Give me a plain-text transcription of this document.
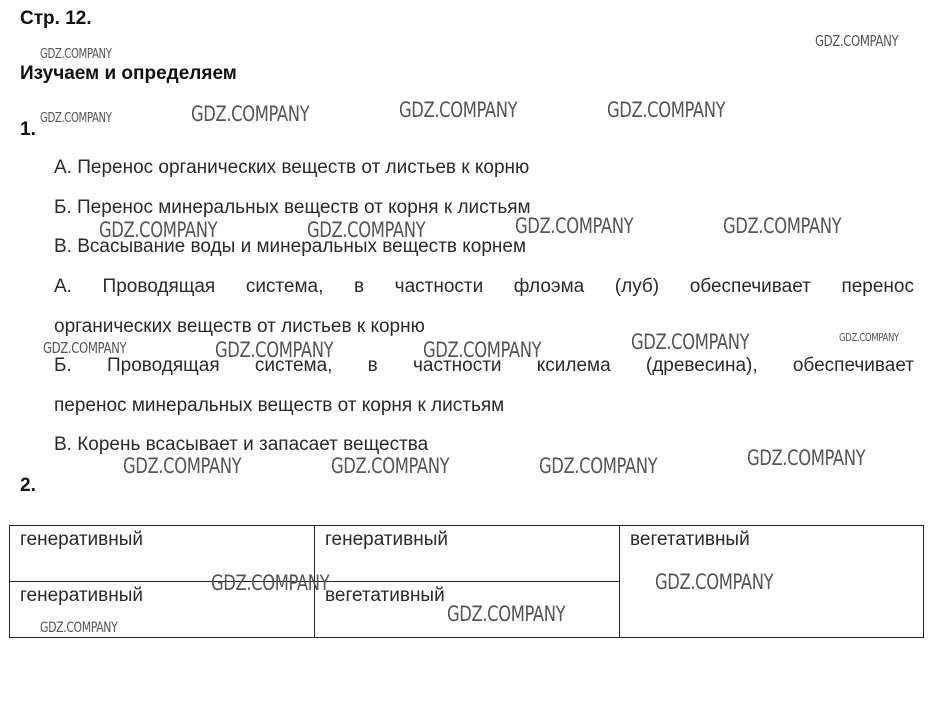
Стр. 12.
Изучаем и определяем
1.
А. Перенос органических веществ от листьев к корню
Б. Перенос минеральных веществ от корня к листьям
В. Всасывание воды и минеральных веществ корнем
А. Проводящая система, в частности флоэма (луб) обеспечивает перенос
органических веществ от листьев к корню
Б. Проводящая система, в частности ксилема (древесина), обеспечивает
перенос минеральных веществ от корня к листьям
В. Корень всасывает и запасает вещества
2.
генеративный	генеративный	вегетативный
генеративный	вегетативный
GDZ.COMPANY
GDZ.COMPANY
GDZ.COMPANY	GDZ.COMPANY	GDZ.COMPANY	GDZ.COMPANY
GDZ.COMPANY	GDZ.COMPANY	GDZ.COMPANY	GDZ.COMPANY
GDZ.COMPANY	GDZ.COMPANY
GDZ.COMPANY	GDZ.COMPANY	GDZ.COMPANY
GDZ.COMPANY	GDZ.COMPANY	GDZ.COMPANY	GDZ.COMPANY
GDZ.COMPANY	GDZ.COMPANY
GDZ.COMPANY
GDZ.COMPANY
